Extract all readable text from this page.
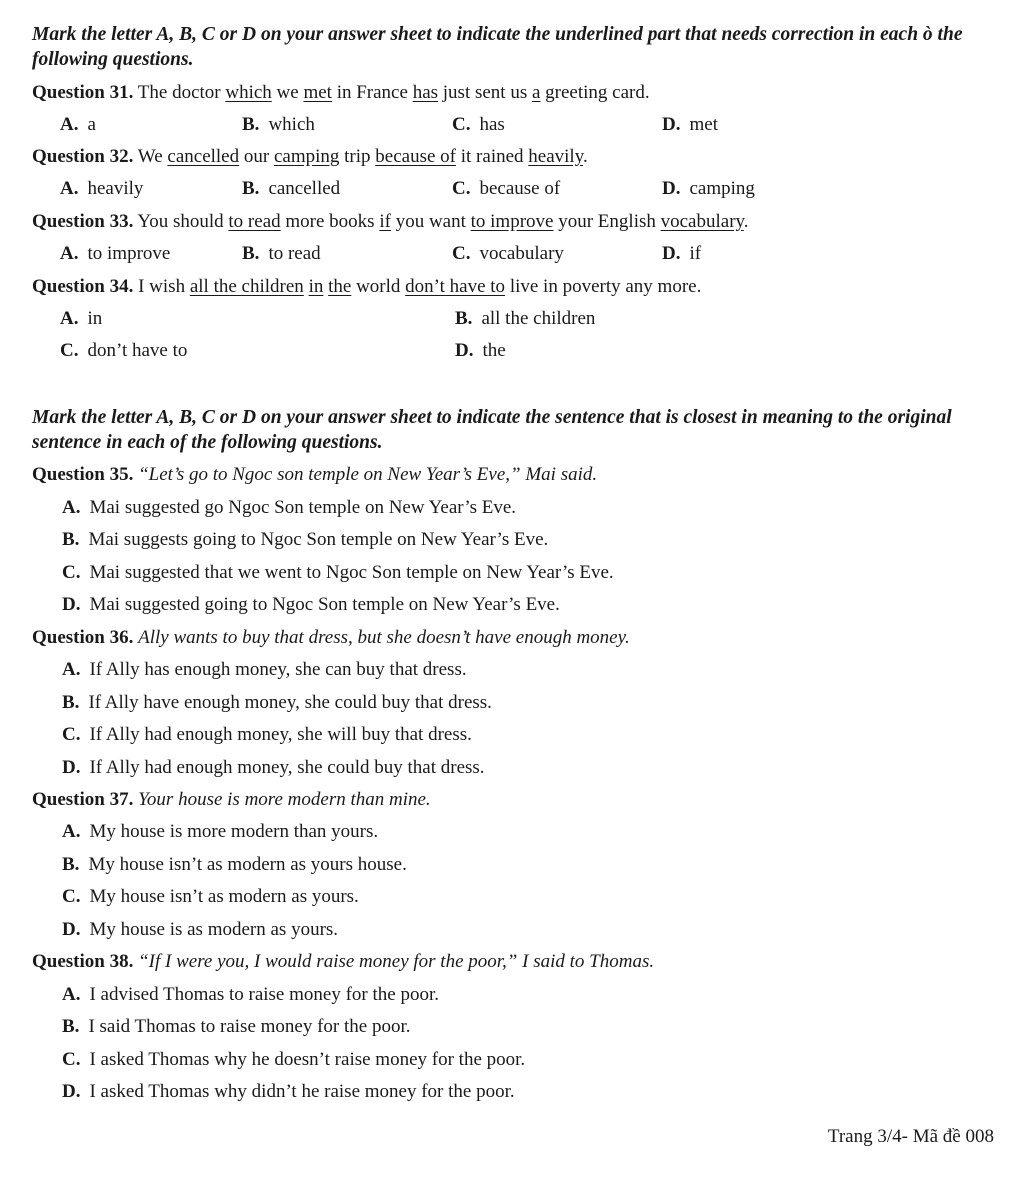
Mark the letter A, B, C or D on your answer sheet to indicate the underlined part that needs correction in each ò the following questions.
Question 31. The doctor which we met in France has just sent us a greeting card.
A. a	B. which	C. has	D. met
Question 32. We cancelled our camping trip because of it rained heavily.
A. heavily	B. cancelled	C. because of	D. camping
Question 33. You should to read more books if you want to improve your English vocabulary.
A. to improve	B. to read	C. vocabulary	D. if
Question 34. I wish all the children in the world don’t have to live in poverty any more.
A. in	B. all the children
C. don’t have to	D. the
Mark the letter A, B, C or D on your answer sheet to indicate the sentence that is closest in meaning to the original sentence in each of the following questions.
Question 35. “Let’s go to Ngoc son temple on New Year’s Eve,” Mai said.
A. Mai suggested go Ngoc Son temple on New Year’s Eve.
B. Mai suggests going to Ngoc Son temple on New Year’s Eve.
C. Mai suggested that we went to Ngoc Son temple on New Year’s Eve.
D. Mai suggested going to Ngoc Son temple on New Year’s Eve.
Question 36. Ally wants to buy that dress, but she doesn’t have enough money.
A. If Ally has enough money, she can buy that dress.
B. If Ally have enough money, she could buy that dress.
C. If Ally had enough money, she will buy that dress.
D. If Ally had enough money, she could buy that dress.
Question 37. Your house is more modern than mine.
A. My house is more modern than yours.
B. My house isn’t as modern as yours house.
C. My house isn’t as modern as yours.
D. My house is as modern as yours.
Question 38. “If I were you, I would raise money for the poor,” I said to Thomas.
A. I advised Thomas to raise money for the poor.
B. I said Thomas to raise money for the poor.
C. I asked Thomas why he doesn’t raise money for the poor.
D. I asked Thomas why didn’t he raise money for the poor.
Trang 3/4- Mã đề 008
